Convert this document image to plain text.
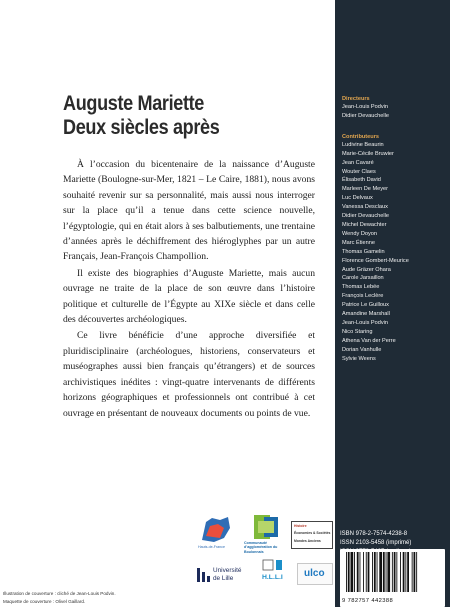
Auguste Mariette
Deux siècles après

À l’occasion du bicentenaire de la naissance d’Auguste Mariette (Boulogne-sur-Mer, 1821 – Le Caire, 1881), nous avons souhaité revenir sur sa personnalité, mais aussi nous interroger sur la place qu’il a tenue dans cette science nouvelle, l’égyptologie, qui en était alors à ses balbutiements, une trentaine d’années après le déchiffrement des hiéroglyphes par un autre Français, Jean-François Champollion.

Il existe des biographies d’Auguste Mariette, mais aucun ouvrage ne traite de la place de son œuvre dans l’histoire politique et culturelle de l’Égypte au XIXe siècle et dans celle des découvertes archéologiques.

Ce livre bénéficie d’une approche diversifiée et pluridisciplinaire (archéologues, historiens, conservateurs et muséographes aussi bien français qu’étrangers) et de sources archivistiques inédites : vingt-quatre intervenants de différents horizons géographiques et professionnels ont contribué à cet ouvrage en présentant de nouveaux documents ou points de vue.

Directeurs
Jean-Louis Podvin
Didier Devauchelle
Contributeurs
Ludivine Beaurin
Marie-Cécile Bruwier
Jean Cavaré
Wouter Claes
Élisabeth David
Marleen De Meyer
Luc Delvaux
Vanessa Desclaux
Didier Devauchelle
Michel Dewachter
Wendy Doyon
Marc Étienne
Thomas Gamelin
Florence Gombert-Meurice
Aude Gräzer Ohara
Carole Jarsaillon
Thomas Lebée
François Leclère
Patrice Le Guilloux
Amandine Marshall
Jean-Louis Podvin
Nico Staring
Athena Van der Perre
Dorian Vanhulle
Sylvie Weens
ISBN 978-2-7574-4238-8
ISSN 2103-5458 (imprimé)
9 782757 442388
Hauts-de-France
Communauté d’agglomération du Boulonnais
Histoire
Économies & Sociétés
Mondes Anciens
Université
de Lille	H.L.L.I ulco
Illustration de couverture : cliché de Jean-Louis Podvin.
Maquette de couverture : Olivel Gaillard.
